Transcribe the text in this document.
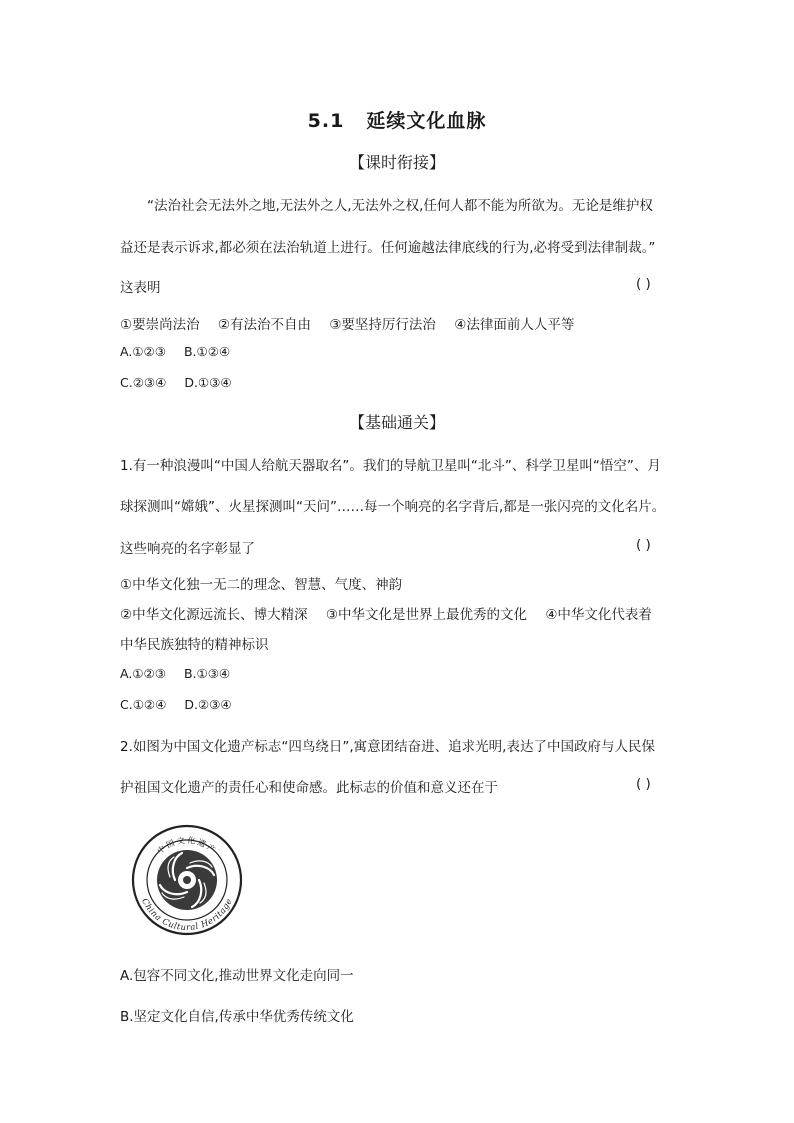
5.1 延续文化血脉
【课时衔接】
“法治社会无法外之地,无法外之人,无法外之权,任何人都不能为所欲为。无论是维护权
益还是表示诉求,都必须在法治轨道上进行。任何逾越法律底线的行为,必将受到法律制裁。”
这表明	( )
①要崇尚法治 ②有法治不自由 ③要坚持厉行法治 ④法律面前人人平等
A.①②③ B.①②④
C.②③④ D.①③④
【基础通关】
1.有一种浪漫叫“中国人给航天器取名”。我们的导航卫星叫“北斗”、科学卫星叫“悟空”、月
球探测叫“嫦娥”、火星探测叫“天问”……每一个响亮的名字背后,都是一张闪亮的文化名片。
这些响亮的名字彰显了	( )
①中华文化独一无二的理念、智慧、气度、神韵
②中华文化源远流长、博大精深 ③中华文化是世界上最优秀的文化 ④中华文化代表着
中华民族独特的精神标识
A.①②③ B.①③④
C.①②④ D.②③④
2.如图为中国文化遗产标志“四鸟绕日”,寓意团结奋进、追求光明,表达了中国政府与人民保
护祖国文化遗产的责任心和使命感。此标志的价值和意义还在于	( )
中国文化遗产
China Cultural Heritage
A.包容不同文化,推动世界文化走向同一
B.坚定文化自信,传承中华优秀传统文化
